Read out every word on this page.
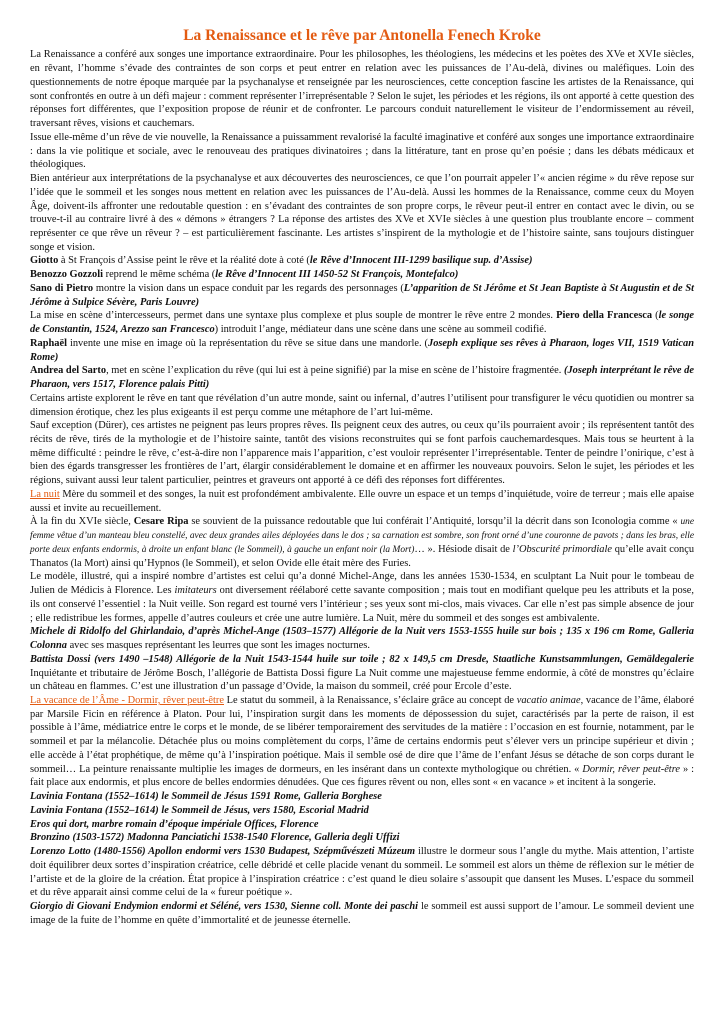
La Renaissance et le rêve par Antonella Fenech Kroke

La Renaissance a conféré aux songes une importance extraordinaire. Pour les philosophes, les théologiens, les médecins et les poètes des XVe et XVIe siècles, en rêvant, l’homme s’évade des contraintes de son corps et peut entrer en relation avec les puissances de l’Au-delà, divines ou maléfiques. Loin des questionnements de notre époque marquée par la psychanalyse et renseignée par les neurosciences, cette conception fascine les artistes de la Renaissance, qui sont confrontés en outre à un défi majeur : comment représenter l’irreprésentable ? Selon le sujet, les périodes et les régions, ils ont apporté à cette question des réponses fort différentes, que l’exposition propose de réunir et de confronter. Le parcours conduit naturellement le visiteur de l’endormissement au réveil, traversant rêves, visions et cauchemars.

Issue elle-même d’un rêve de vie nouvelle, la Renaissance a puissamment revalorisé la faculté imaginative et conféré aux songes une importance extraordinaire : dans la vie politique et sociale, avec le renouveau des pratiques divinatoires ; dans la littérature, tant en prose qu’en poésie ; dans les débats médicaux et théologiques.

Bien antérieur aux interprétations de la psychanalyse et aux découvertes des neurosciences, ce que l’on pourrait appeler l’« ancien régime » du rêve repose sur l’idée que le sommeil et les songes nous mettent en relation avec les puissances de l’Au-delà. Aussi les hommes de la Renaissance, comme ceux du Moyen Âge, doivent-ils affronter une redoutable question : en s’évadant des contraintes de son propre corps, le rêveur peut-il entrer en contact avec le divin, ou se trouve-t-il au contraire livré à des « démons » étrangers ? La réponse des artistes des XVe et XVIe siècles à une question plus troublante encore – comment représenter ce que rêve un rêveur ? – est particulièrement fascinante. Les artistes s’inspirent de la mythologie et de l’histoire sainte, sans toujours distinguer songe et vision.

Giotto à St François d’Assise peint le rêve et la réalité dote à coté (le Rêve d’Innocent III-1299 basilique sup. d’Assise)

Benozzo Gozzoli reprend le même schéma (le Rêve d’Innocent III 1450-52 St François, Montefalco)

Sano di Pietro montre la vision dans un espace conduit par les regards des personnages (L’apparition de St Jérôme et St Jean Baptiste à St Augustin et de St Jérôme à Sulpice Sévère, Paris Louvre)

La mise en scène d’intercesseurs, permet dans une syntaxe plus complexe et plus souple de montrer le rêve entre 2 mondes. Piero della Francesca (le songe de Constantin, 1524, Arezzo san Francesco) introduit l’ange, médiateur dans une scène dans une scène au sommeil codifié.

Raphaël invente une mise en image où la représentation du rêve se situe dans une mandorle. (Joseph explique ses rêves à Pharaon, loges VII, 1519 Vatican Rome)

Andrea del Sarto, met en scène l’explication du rêve (qui lui est à peine signifié) par la mise en scène de l’histoire fragmentée. (Joseph interprétant le rêve de Pharaon, vers 1517, Florence palais Pitti)

Certains artiste explorent le rêve en tant que révélation d’un autre monde, saint ou infernal, d’autres l’utilisent pour transfigurer le vécu quotidien ou montrer sa dimension érotique, chez les plus exigeants il est perçu comme une métaphore de l’art lui-même.

Sauf exception (Dürer), ces artistes ne peignent pas leurs propres rêves. Ils peignent ceux des autres, ou ceux qu’ils pourraient avoir ; ils représentent tantôt des récits de rêve, tirés de la mythologie et de l’histoire sainte, tantôt des visions reconstruites qui se font parfois cauchemardesques. Mais tous se heurtent à la même difficulté : peindre le rêve, c’est-à-dire non l’apparence mais l’apparition, c’est vouloir représenter l’irreprésentable. Tenter de peindre l’onirique, c’est à bien des égards transgresser les frontières de l’art, élargir considérablement le domaine et en affirmer les nouveaux pouvoirs. Selon le sujet, les périodes et les régions, suivant aussi leur talent particulier, peintres et graveurs ont apporté à ce défi des réponses fort différentes.

La nuit Mère du sommeil et des songes, la nuit est profondément ambivalente. Elle ouvre un espace et un temps d’inquiétude, voire de terreur ; mais elle apaise aussi et invite au recueillement.

À la fin du XVIe siècle, Cesare Ripa se souvient de la puissance redoutable que lui conférait l’Antiquité, lorsqu’il la décrit dans son Iconologia comme « une femme vêtue d’un manteau bleu constellé, avec deux grandes ailes déployées dans le dos ; sa carnation est sombre, son front orné d’une couronne de pavots ; dans les bras, elle porte deux enfants endormis, à droite un enfant blanc (le Sommeil), à gauche un enfant noir (la Mort)… ». Hésiode disait de l’Obscurité primordiale qu’elle avait conçu Thanatos (la Mort) ainsi qu’Hypnos (le Sommeil), et selon Ovide elle était mère des Furies.

Le modèle, illustré, qui a inspiré nombre d’artistes est celui qu’a donné Michel-Ange, dans les années 1530-1534, en sculptant La Nuit pour le tombeau de Julien de Médicis à Florence. Les imitateurs ont diversement réélaboré cette savante composition ; mais tout en modifiant quelque peu les attributs et la pose, ils ont conservé l’essentiel : la Nuit veille. Son regard est tourné vers l’intérieur ; ses yeux sont mi-clos, mais vivaces. Car elle n’est pas simple absence de jour ; elle redistribue les formes, appelle d’autres couleurs et crée une autre lumière. La Nuit, mère du sommeil et des songes est ambivalente.

Michele di Ridolfo del Ghirlandaio, d’après Michel-Ange (1503–1577) Allégorie de la Nuit vers 1553-1555 huile sur bois ; 135 x 196 cm Rome, Galleria Colonna avec ses masques représentant les leurres que sont les images nocturnes.

Battista Dossi (vers 1490 –1548) Allégorie de la Nuit 1543-1544 huile sur toile ; 82 x 149,5 cm Dresde, Staatliche Kunstsammlungen, Gemäldegalerie Inquiétante et tributaire de Jérôme Bosch, l’allégorie de Battista Dossi figure La Nuit comme une majestueuse femme endormie, à côté de monstres qu’éclaire un château en flammes. C’est une illustration d’un passage d’Ovide, la maison du sommeil, créé pour Ercole d’este.

La vacance de l’Âme - Dormir, rêver peut-être Le statut du sommeil, à la Renaissance, s’éclaire grâce au concept de vacatio animae, vacance de l’âme, élaboré par Marsile Ficin en référence à Platon. Pour lui, l’inspiration surgit dans les moments de dépossession du sujet, caractérisés par la perte de raison, il est possible à l’âme, médiatrice entre le corps et le monde, de se libérer temporairement des servitudes de la matière : l’occasion en est fournie, notamment, par le sommeil et par la mélancolie. Détachée plus ou moins complètement du corps, l’âme de certains endormis peut s’élever vers un principe supérieur et divin ; elle accède à l’état prophétique, de même qu’à l’inspiration poétique. Mais il semble osé de dire que l’âme de l’enfant Jésus se détache de son corps durant le sommeil… La peinture renaissante multiplie les images de dormeurs, en les insérant dans un contexte mythologique ou chrétien. « Dormir, rêver peut-être » : fait place aux endormis, et plus encore de belles endormies dénudées. Que ces figures rêvent ou non, elles sont « en vacance » et incitent à la songerie.

Lavinia Fontana (1552–1614) le Sommeil de Jésus 1591 Rome, Galleria Borghese

Lavinia Fontana (1552–1614) le Sommeil de Jésus, vers 1580, Escorial Madrid

Eros qui dort, marbre romain d’époque impériale Offices, Florence

Bronzino (1503-1572) Madonna Panciatichi 1538-1540 Florence, Galleria degli Uffizi

Lorenzo Lotto (1480-1556) Apollon endormi vers 1530 Budapest, Szépművészeti Múzeum illustre le dormeur sous l’angle du mythe. Mais attention, l’artiste doit équilibrer deux sortes d’inspiration créatrice, celle débridé et celle placide venant du sommeil. Le sommeil est alors un thème de réflexion sur le métier de l’artiste et de la gloire de la création. État propice à l’inspiration créatrice : c’est quand le dieu solaire s’assoupit que dansent les Muses. L’espace du sommeil et du rêve apparait ainsi comme celui de la « fureur poétique ».

Giorgio di Giovani Endymion endormi et Séléné, vers 1530, Sienne coll. Monte dei paschi le sommeil est aussi support de l’amour. Le sommeil devient une image de la fuite de l’homme en quête d’immortalité et de jeunesse éternelle.
